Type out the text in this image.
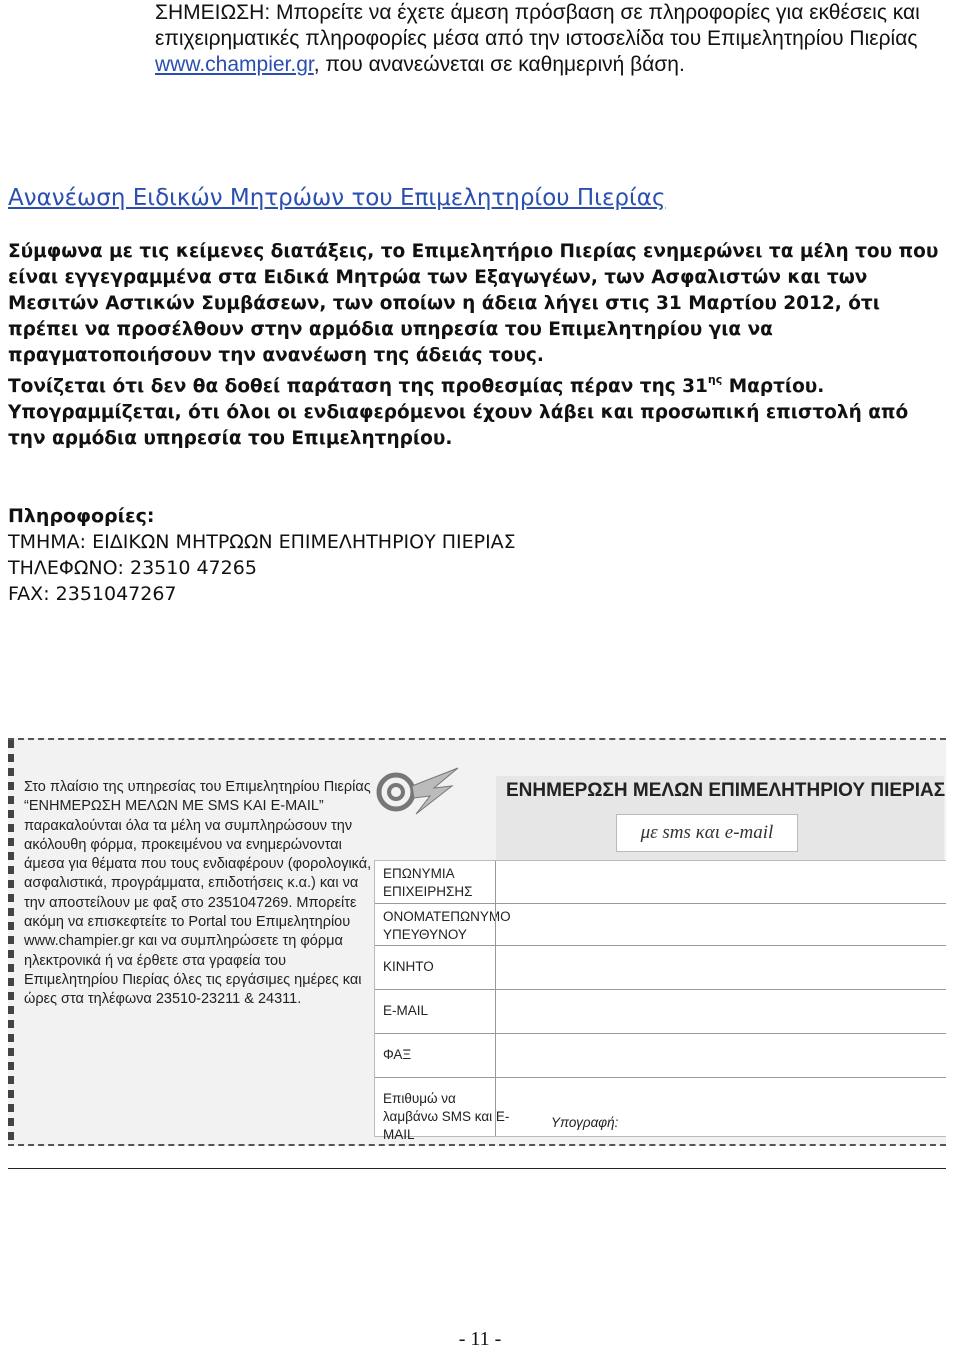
ΣΗΜΕΙΩΣΗ: Μπορείτε να έχετε άμεση πρόσβαση σε πληροφορίες για εκθέσεις και επιχειρηματικές πληροφορίες μέσα από την ιστοσελίδα του Επιμελητηρίου Πιερίας www.champier.gr, που ανανεώνεται σε καθημερινή βάση.
Ανανέωση Ειδικών Μητρώων του Επιμελητηρίου Πιερίας

Σύμφωνα με τις κείμενες διατάξεις, το Επιμελητήριο Πιερίας ενημερώνει τα μέλη του που είναι εγγεγραμμένα στα Ειδικά Μητρώα των Εξαγωγέων, των Ασφαλιστών και των Μεσιτών Αστικών Συμβάσεων, των οποίων η άδεια λήγει στις 31 Μαρτίου 2012, ότι πρέπει να προσέλθουν στην αρμόδια υπηρεσία του Επιμελητηρίου για να πραγματοποιήσουν την ανανέωση της άδειάς τους.

Τονίζεται ότι δεν θα δοθεί παράταση της προθεσμίας πέραν της $31^{\eta\varsigma}$ Μαρτίου.

Υπογραμμίζεται, ότι όλοι οι ενδιαφερόμενοι έχουν λάβει και προσωπική επιστολή από την αρμόδια υπηρεσία του Επιμελητηρίου.

Πληροφορίες:
ΤΜΗΜΑ: ΕΙΔΙΚΩΝ ΜΗΤΡΩΩΝ ΕΠΙΜΕΛΗΤΗΡΙΟΥ ΠΙΕΡΙΑΣ
ΤΗΛΕΦΩΝΟ: 23510 47265
FAX: 2351047267
Στο πλαίσιο της υπηρεσίας του Επιμελητηρίου Πιερίας “ΕΝΗΜΕΡΩΣΗ ΜΕΛΩΝ ΜΕ SMS ΚΑΙ E-MAIL” παρακαλούνται όλα τα μέλη να συμπληρώσουν την ακόλουθη φόρμα, προκειμένου να ενημερώνονται άμεσα για θέματα που τους ενδιαφέρουν (φορολογικά, ασφαλιστικά, προγράμματα, επιδοτήσεις κ.α.) και να την αποστείλουν με φαξ στο 2351047269. Μπορείτε ακόμη να επισκεφτείτε το Portal του Επιμελητηρίου www.champier.gr και να συμπληρώσετε τη φόρμα ηλεκτρονικά ή να έρθετε στα γραφεία του Επιμελητηρίου Πιερίας όλες τις εργάσιμες ημέρες και ώρες στα τηλέφωνα 23510-23211 & 24311.
ΕΝΗΜΕΡΩΣΗ ΜΕΛΩΝ ΕΠΙΜΕΛΗΤΗΡΙΟΥ ΠΙΕΡΙΑΣ
με sms και e-mail
ΕΠΩΝΥΜΙΑ ΕΠΙΧΕΙΡΗΣΗΣ
ΟΝΟΜΑΤΕΠΩΝΥΜΟ ΥΠΕΥΘΥΝΟΥ
ΚΙΝΗΤΟ
E-MAIL
ΦΑΞ
Επιθυμώ να λαμβάνω SMS και E-MAIL
Υπογραφή:
- 11 -
